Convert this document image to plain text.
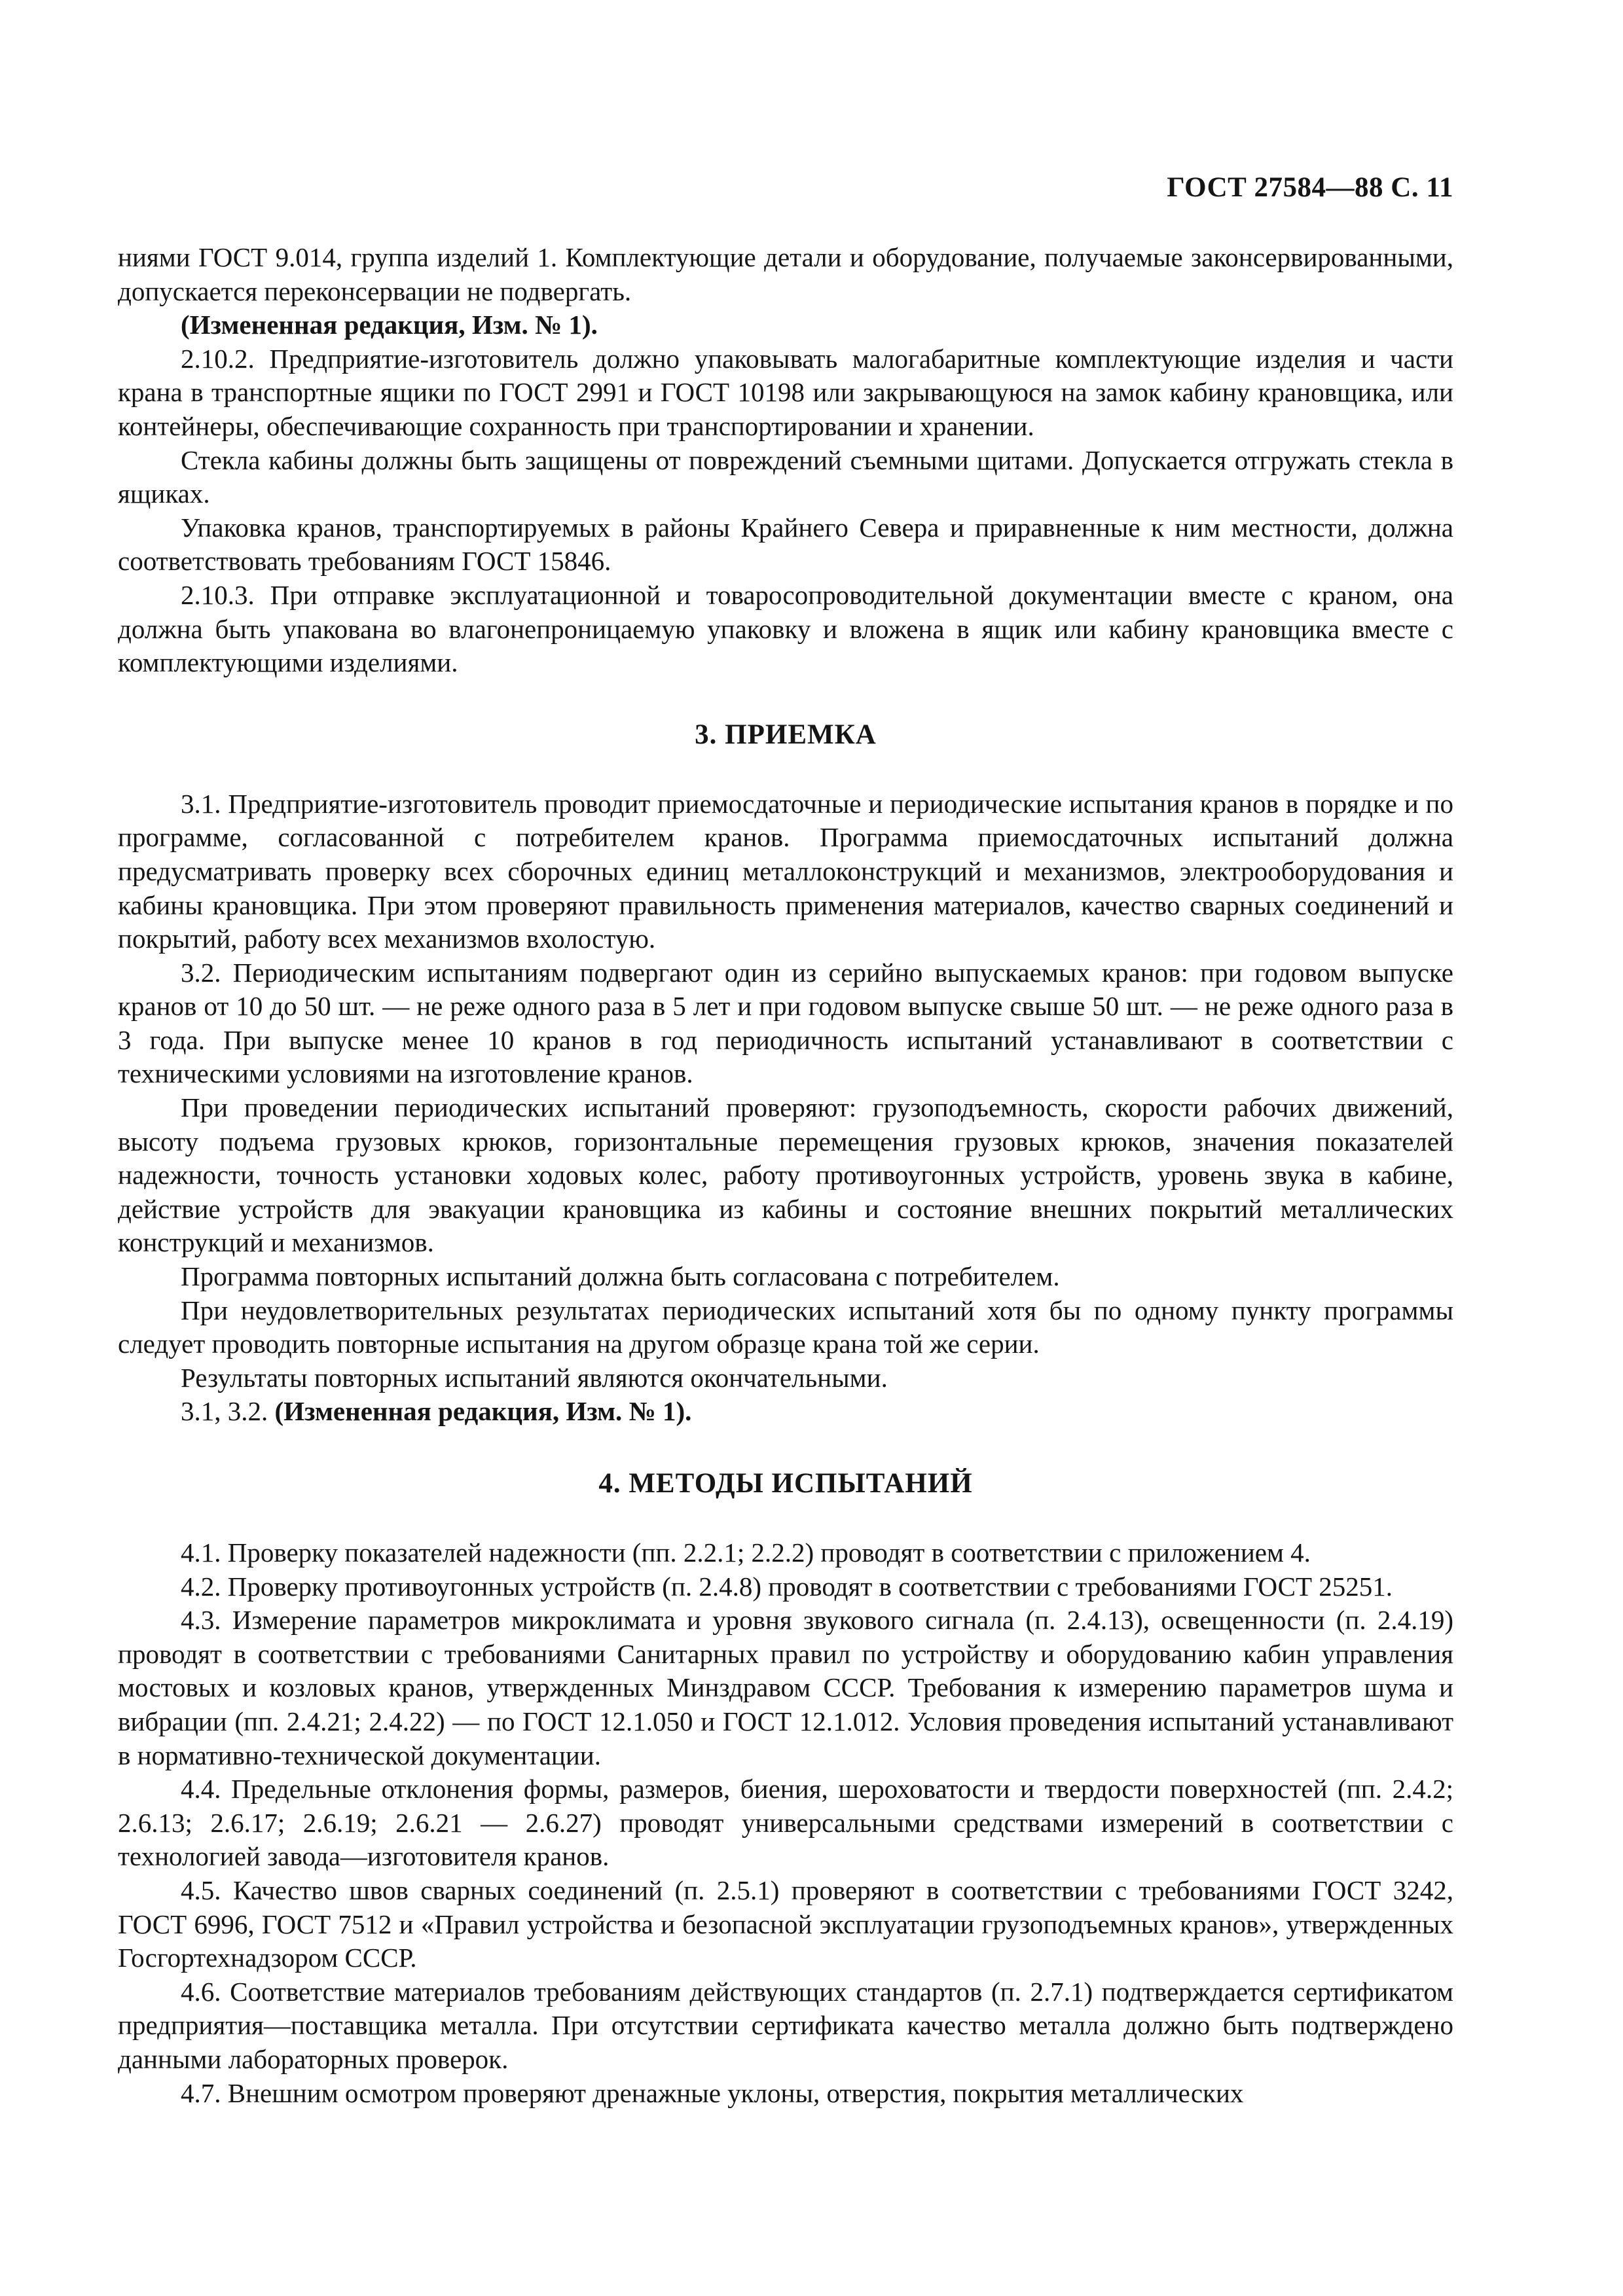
ГОСТ 27584—88 С. 11

ниями ГОСТ 9.014, группа изделий 1. Комплектующие детали и оборудование, получаемые законсервированными, допускается переконсервации не подвергать.

(Измененная редакция, Изм. № 1).

2.10.2. Предприятие-изготовитель должно упаковывать малогабаритные комплектующие изделия и части крана в транспортные ящики по ГОСТ 2991 и ГОСТ 10198 или закрывающуюся на замок кабину крановщика, или контейнеры, обеспечивающие сохранность при транспортировании и хранении.

Стекла кабины должны быть защищены от повреждений съемными щитами. Допускается отгружать стекла в ящиках.

Упаковка кранов, транспортируемых в районы Крайнего Севера и приравненные к ним местности, должна соответствовать требованиям ГОСТ 15846.

2.10.3. При отправке эксплуатационной и товаросопроводительной документации вместе с краном, она должна быть упакована во влагонепроницаемую упаковку и вложена в ящик или кабину крановщика вместе с комплектующими изделиями.

3. ПРИЕМКА

3.1. Предприятие-изготовитель проводит приемосдаточные и периодические испытания кранов в порядке и по программе, согласованной с потребителем кранов. Программа приемосдаточных испытаний должна предусматривать проверку всех сборочных единиц металлоконструкций и механизмов, электрооборудования и кабины крановщика. При этом проверяют правильность применения материалов, качество сварных соединений и покрытий, работу всех механизмов вхолостую.

3.2. Периодическим испытаниям подвергают один из серийно выпускаемых кранов: при годовом выпуске кранов от 10 до 50 шт. — не реже одного раза в 5 лет и при годовом выпуске свыше 50 шт. — не реже одного раза в 3 года. При выпуске менее 10 кранов в год периодичность испытаний устанавливают в соответствии с техническими условиями на изготовление кранов.

При проведении периодических испытаний проверяют: грузоподъемность, скорости рабочих движений, высоту подъема грузовых крюков, горизонтальные перемещения грузовых крюков, значения показателей надежности, точность установки ходовых колес, работу противоугонных устройств, уровень звука в кабине, действие устройств для эвакуации крановщика из кабины и состояние внешних покрытий металлических конструкций и механизмов.

Программа повторных испытаний должна быть согласована с потребителем.

При неудовлетворительных результатах периодических испытаний хотя бы по одному пункту программы следует проводить повторные испытания на другом образце крана той же серии.

Результаты повторных испытаний являются окончательными.

3.1, 3.2. (Измененная редакция, Изм. № 1).

4. МЕТОДЫ ИСПЫТАНИЙ

4.1. Проверку показателей надежности (пп. 2.2.1; 2.2.2) проводят в соответствии с приложением 4.

4.2. Проверку противоугонных устройств (п. 2.4.8) проводят в соответствии с требованиями ГОСТ 25251.

4.3. Измерение параметров микроклимата и уровня звукового сигнала (п. 2.4.13), освещенности (п. 2.4.19) проводят в соответствии с требованиями Санитарных правил по устройству и оборудованию кабин управления мостовых и козловых кранов, утвержденных Минздравом СССР. Требования к измерению параметров шума и вибрации (пп. 2.4.21; 2.4.22) — по ГОСТ 12.1.050 и ГОСТ 12.1.012. Условия проведения испытаний устанавливают в нормативно-технической документации.

4.4. Предельные отклонения формы, размеров, биения, шероховатости и твердости поверхностей (пп. 2.4.2; 2.6.13; 2.6.17; 2.6.19; 2.6.21 — 2.6.27) проводят универсальными средствами измерений в соответствии с технологией завода—изготовителя кранов.

4.5. Качество швов сварных соединений (п. 2.5.1) проверяют в соответствии с требованиями ГОСТ 3242, ГОСТ 6996, ГОСТ 7512 и «Правил устройства и безопасной эксплуатации грузоподъемных кранов», утвержденных Госгортехнадзором СССР.

4.6. Соответствие материалов требованиям действующих стандартов (п. 2.7.1) подтверждается сертификатом предприятия—поставщика металла. При отсутствии сертификата качество металла должно быть подтверждено данными лабораторных проверок.

4.7. Внешним осмотром проверяют дренажные уклоны, отверстия, покрытия металлических
